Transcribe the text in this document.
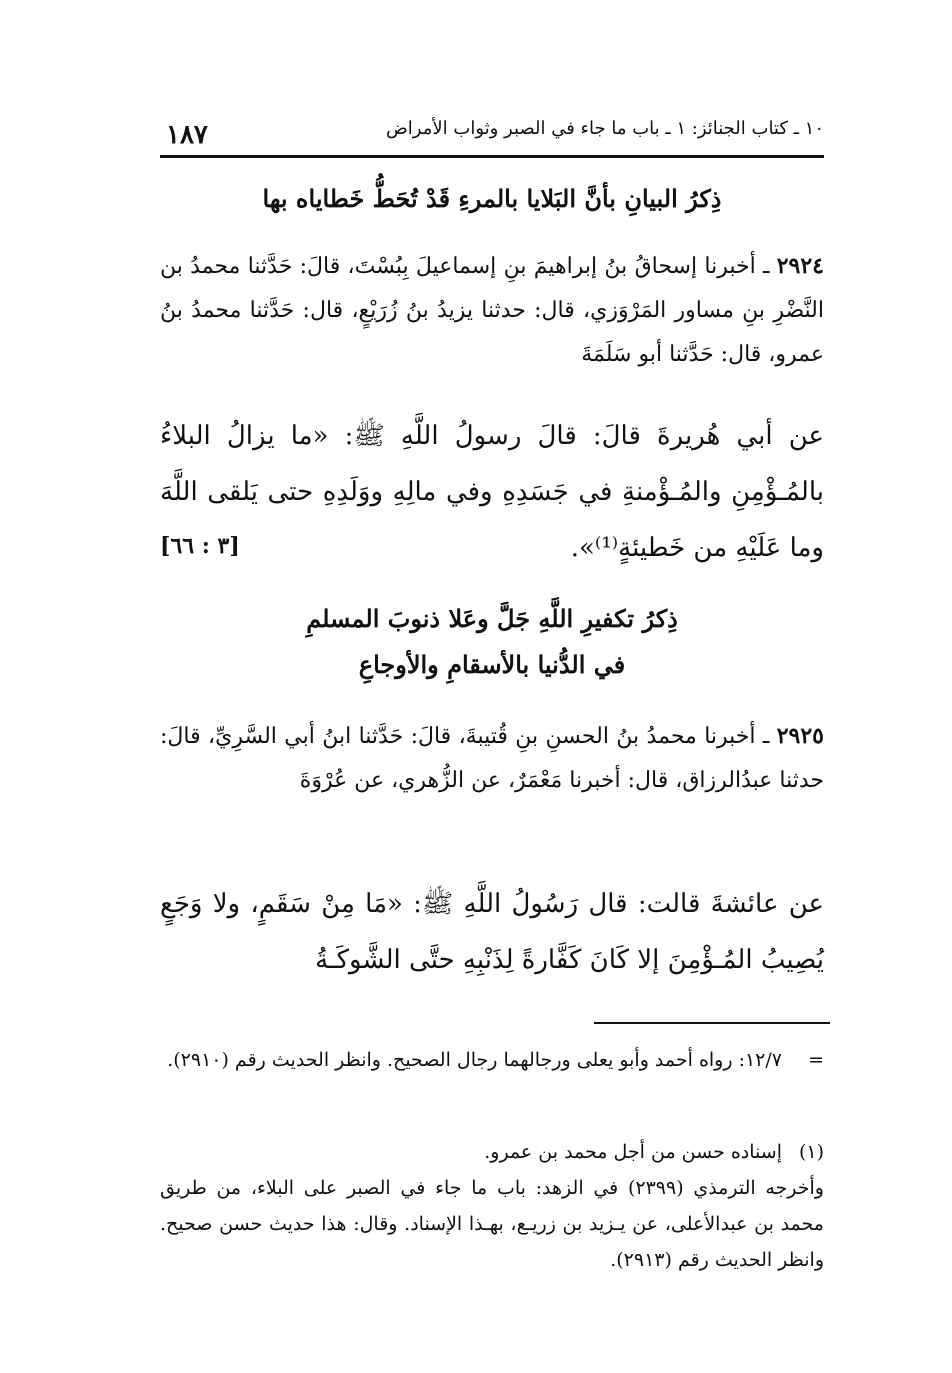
١٠ ـ كتاب الجنائز: ١ ـ باب ما جاء في الصبر وثواب الأمراض
١٨٧
ذِكرُ البيانِ بأنَّ البَلايا بالمرءِ قَدْ تُحَطُّ خَطاياه بها
٢٩٢٤ ـ أخبرنا إسحاقُ بنُ إبراهيمَ بنِ إسماعيلَ بِبُسْتَ، قالَ: حَدَّثنا محمدُ بن النَّضْرِ بنِ مساور المَرْوَزي، قال: حدثنا يزيدُ بنُ زُرَيْعٍ، قال: حَدَّثنا محمدُ بنُ عمرو، قال: حَدَّثنا أبو سَلَمَةَ
عن أبي هُريرةَ قالَ: قالَ رسولُ اللَّهِ ﷺ: «ما يزالُ البلاءُ بالمُـؤْمِنِ والمُـؤْمنةِ في جَسَدِهِ وفي مالِهِ ووَلَدِهِ حتى يَلقى اللَّهَ وما عَلَيْهِ من خَطيئةٍ⁽¹⁾».
[٣ : ٦٦]
ذِكرُ تكفيرِ اللَّهِ جَلَّ وعَلا ذنوبَ المسلمِ
في الدُّنيا بالأسقامِ والأوجاعِ
٢٩٢٥ ـ أخبرنا محمدُ بنُ الحسنِ بنِ قُتيبةَ، قالَ: حَدَّثنا ابنُ أبي السَّرِيِّ، قالَ: حدثنا عبدُالرزاق، قال: أخبرنا مَعْمَرٌ، عن الزُّهري، عن عُرْوَةَ
عن عائشةَ قالت: قال رَسُولُ اللَّهِ ﷺ: «مَا مِنْ سَقَمٍ، ولا وَجَعٍ يُصِيبُ المُـؤْمِنَ إلا كَانَ كَفَّارةً لِذَنْبِهِ حتَّى الشَّوكَـةُ
=
١٢/٧: رواه أحمد وأبو يعلى ورجالهما رجال الصحيح. وانظر الحديث رقم (٢٩١٠).
(١)
إسناده حسن من أجل محمد بن عمرو.
وأخرجه الترمذي (٢٣٩٩) في الزهد: باب ما جاء في الصبر على البلاء، من طريق محمد بن عبدالأعلى، عن يـزيد بن زريـع، بهـذا الإسناد. وقال: هذا حديث حسن صحيح. وانظر الحديث رقم (٢٩١٣).
